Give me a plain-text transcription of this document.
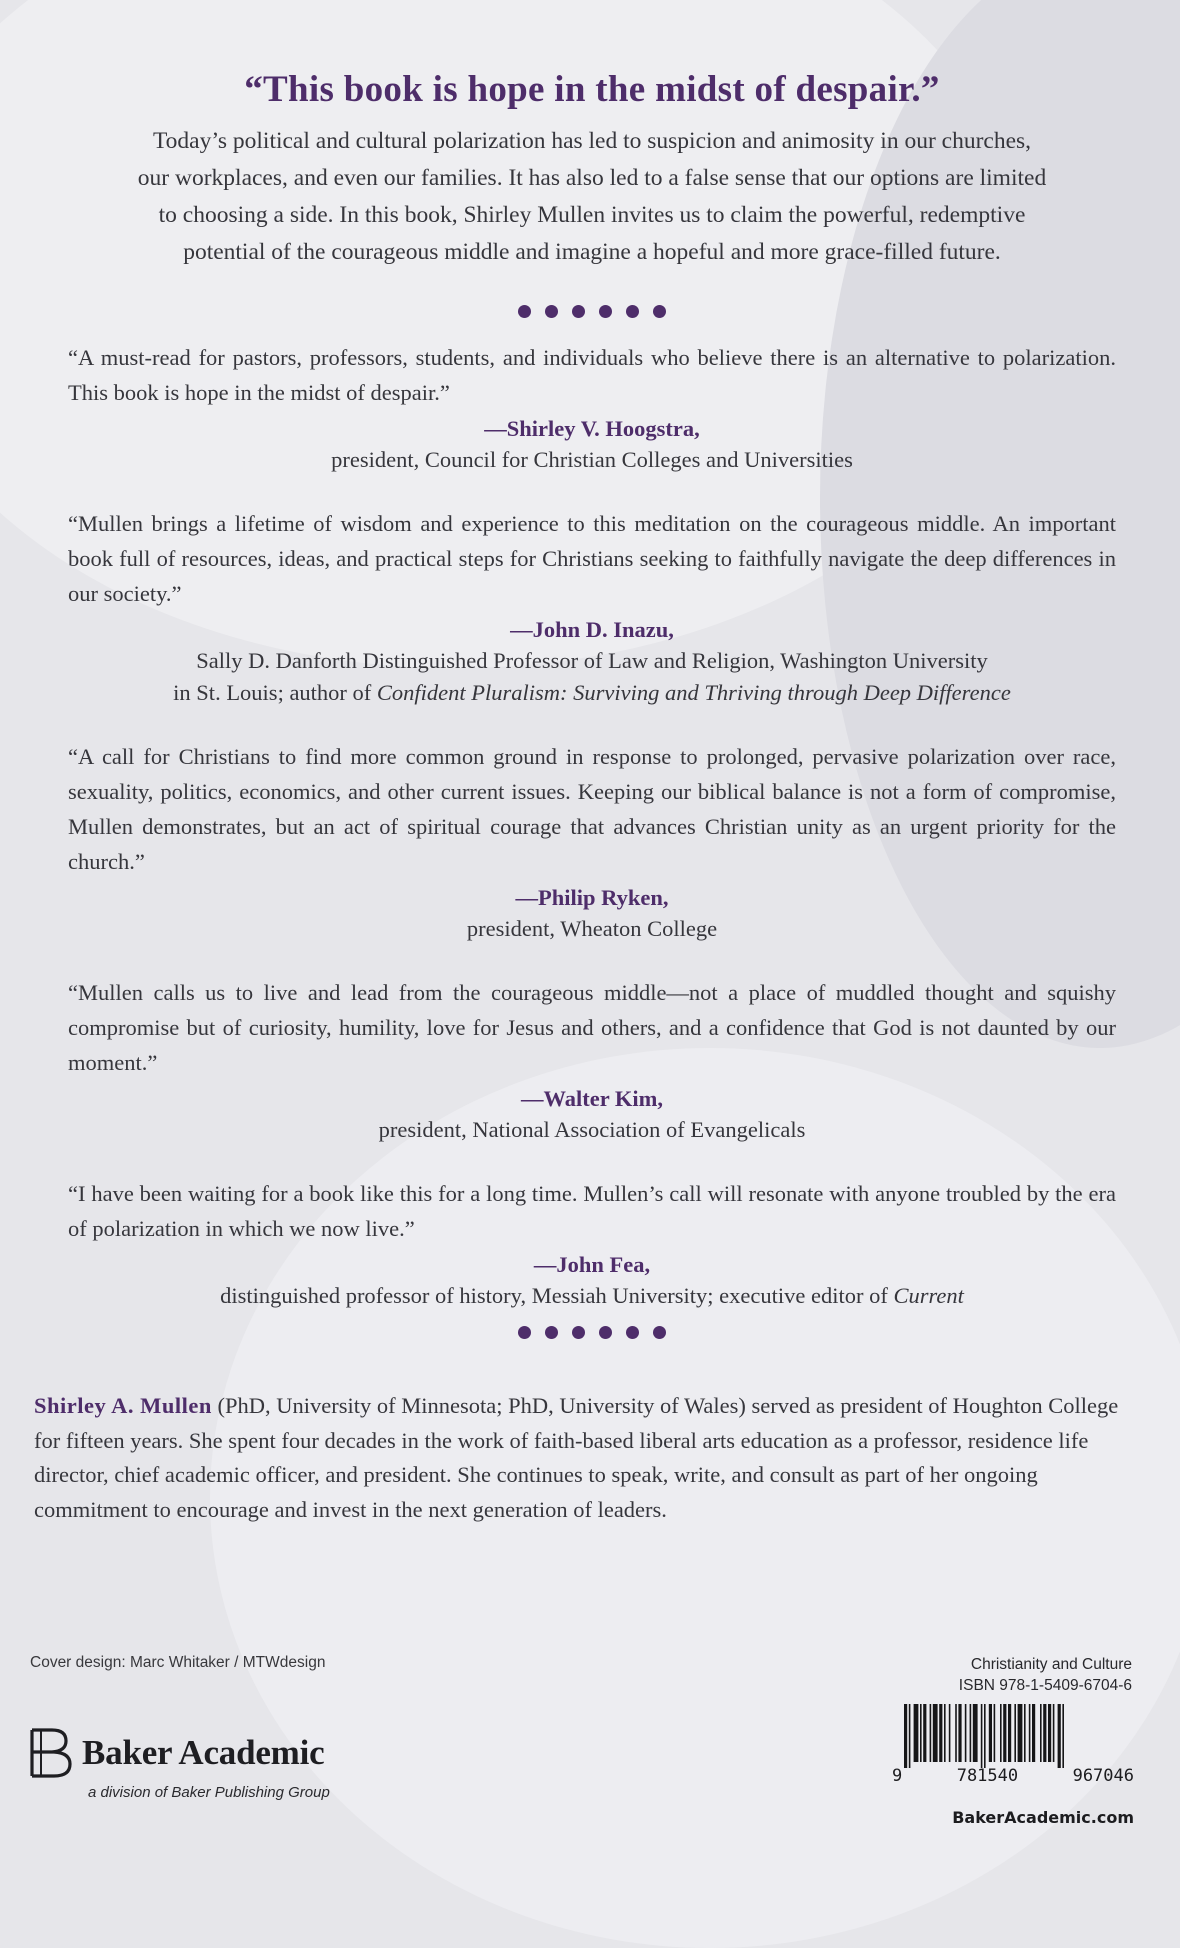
“This book is hope in the midst of despair.”

Today’s political and cultural polarization has led to suspicion and animosity in our churches,
our workplaces, and even our families. It has also led to a false sense that our options are limited
to choosing a side. In this book, Shirley Mullen invites us to claim the powerful, redemptive
potential of the courageous middle and imagine a hopeful and more grace-filled future.

“A must-read for pastors, professors, students, and individuals who believe there is an alternative to polarization. This book is hope in the midst of despair.”

—Shirley V. Hoogstra,

president, Council for Christian Colleges and Universities

“Mullen brings a lifetime of wisdom and experience to this meditation on the courageous middle. An important book full of resources, ideas, and practical steps for Christians seeking to faithfully navigate the deep differences in our society.”

—John D. Inazu,

Sally D. Danforth Distinguished Professor of Law and Religion, Washington University
in St. Louis; author of Confident Pluralism: Surviving and Thriving through Deep Difference

“A call for Christians to find more common ground in response to prolonged, pervasive polarization over race, sexuality, politics, economics, and other current issues. Keeping our biblical balance is not a form of compromise, Mullen demonstrates, but an act of spiritual courage that advances Christian unity as an urgent priority for the church.”

—Philip Ryken,

president, Wheaton College

“Mullen calls us to live and lead from the courageous middle—not a place of muddled thought and squishy compromise but of curiosity, humility, love for Jesus and others, and a confidence that God is not daunted by our moment.”

—Walter Kim,

president, National Association of Evangelicals

“I have been waiting for a book like this for a long time. Mullen’s call will resonate with anyone troubled by the era of polarization in which we now live.”

—John Fea,

distinguished professor of history, Messiah University; executive editor of Current

Shirley A. Mullen (PhD, University of Minnesota; PhD, University of Wales) served as president of Houghton College for fifteen years. She spent four decades in the work of faith-based liberal arts education as a professor, residence life director, chief academic officer, and president. She continues to speak, write, and consult as part of her ongoing commitment to encourage and invest in the next generation of leaders.

Cover design: Marc Whitaker / MTWdesign
Baker Academic
a division of Baker Publishing Group
Christianity and Culture
ISBN 978-1-5409-6704-6
9	781540	967046
BakerAcademic.com
